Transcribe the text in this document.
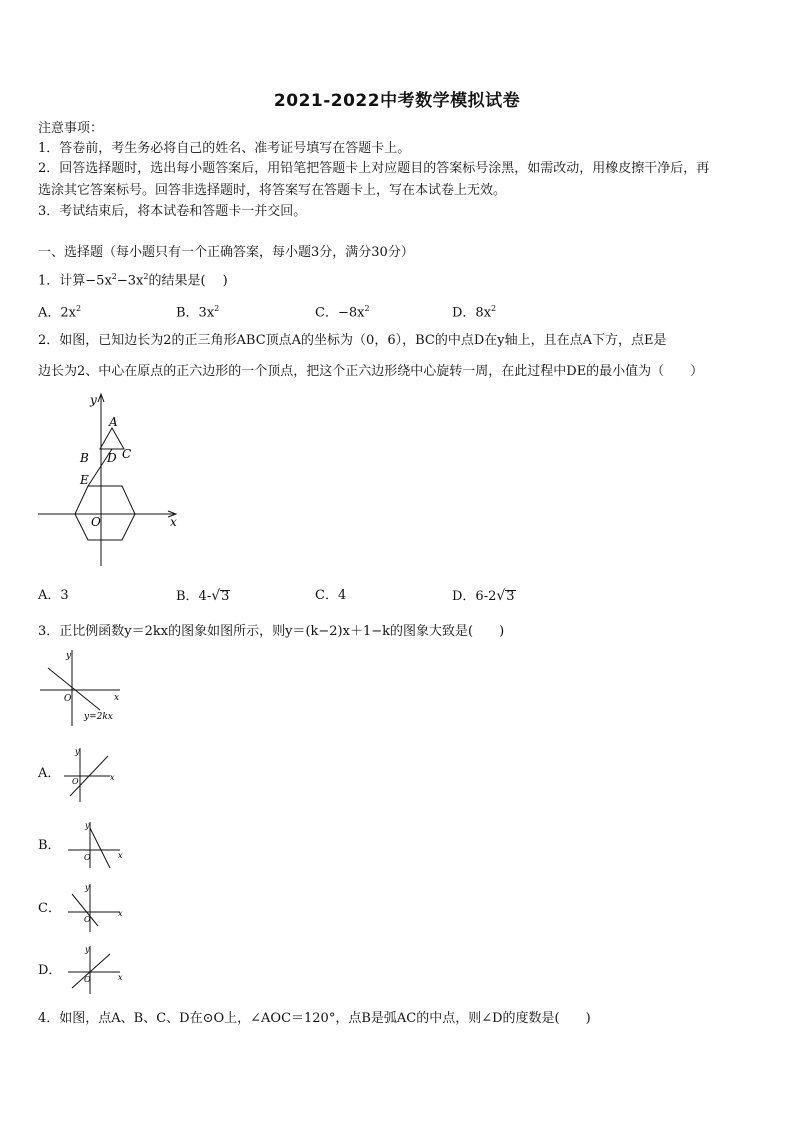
2021-2022中考数学模拟试卷
注意事项：
1．答卷前，考生务必将自己的姓名、准考证号填写在答题卡上。
2．回答选择题时，选出每小题答案后，用铅笔把答题卡上对应题目的答案标号涂黑，如需改动，用橡皮擦干净后，再
选涂其它答案标号。回答非选择题时，将答案写在答题卡上，写在本试卷上无效。
3．考试结束后，将本试卷和答题卡一并交回。
一、选择题（每小题只有一个正确答案，每小题3分，满分30分）
1．计算$-5x^2-3x^2$的结果是(　 )
A．$2x^2$	B．$3x^2$	C．$-8x^2$	D．$8x^2$
2．如图，已知边长为2的正三角形ABC顶点A的坐标为（0，6），BC的中点D在y轴上，且在点A下方，点E是
边长为2、中心在原点的正六边形的一个顶点，把这个正六边形绕中心旋转一周，在此过程中DE的最小值为（　　）
y
x
A
B D C
E
O
A．3	B．4-√3	C．4	D．6-2√3
3．正比例函数y＝2kx的图象如图所示，则y＝(k−2)x＋1−k的图象大致是(　　)
y
x
O
y=2kx
A．
y
x
O
B．
y
x
O
C．
y
x
O
D．
y
x
O
4．如图，点A、B、C、D在⊙O上，∠AOC＝120°，点B是弧AC的中点，则∠D的度数是(　　)
